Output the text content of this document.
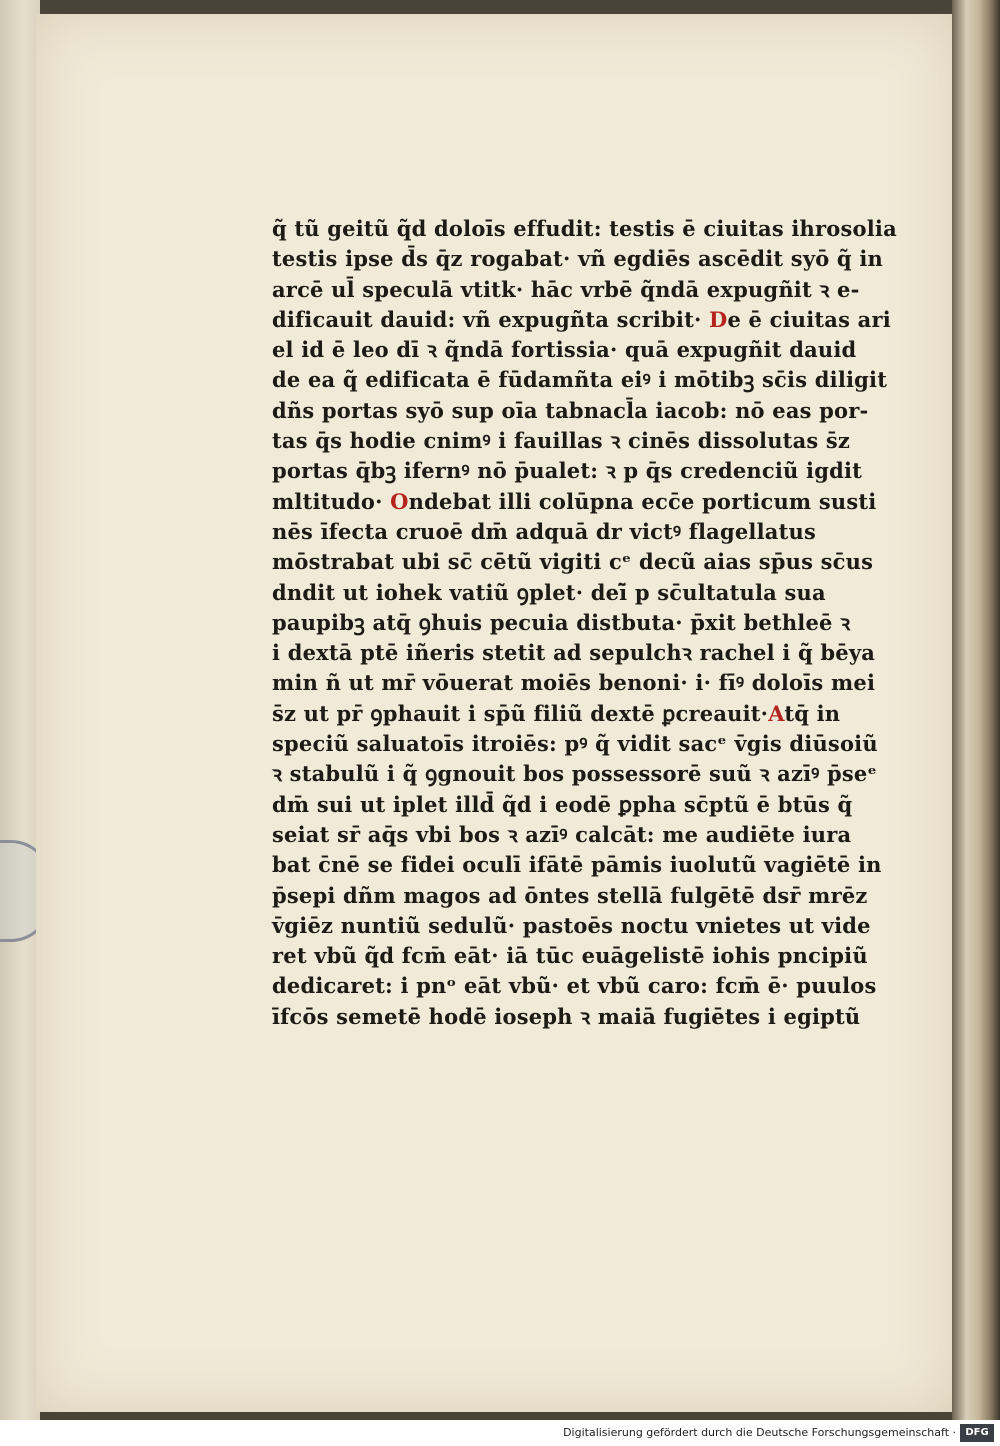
q̃ tũ geitũ q̃d doloīs effudit: testis ē ciuitas ihrosolia
testis ipse d̄s q̄z rogabat· vñ egdiēs ascēdit syō q̃ in
arcē ul̄ speculā vtitk· hāc vrbē q̃ndā expugñit ꝛ e-
dificauit dauid: vñ expugñta scribit· De ē ciuitas ari
el id ē leo dī ꝛ q̃ndā fortissia· quā expugñit dauid
de ea q̃ edificata ē fūdamñta eiꝰ i mōtibꝫ sc̄is diligit
dñs portas syō sup oīa tabnacl̄a iacob: nō eas por-
tas q̄s hodie cnimꝰ i fauillas ꝛ cinēs dissolutas s̄z
portas q̄bꝫ ifernꝰ nō p̄ualet: ꝛ p q̄s credenciũ igdit
mltitudo· Ondebat illi colūpna ecc̄e porticum susti
nēs īfecta cruoē dm̄ adquā dr victꝰ flagellatus
mōstrabat ubi sc̄ cētũ vigiti cᵉ decũ aias sp̄us sc̄us
dndit ut iohek vatiũ ꝯplet· deī̃ p sc̄ultatula sua
paupibꝫ atq̄ ꝯhuis pecuia distbuta· p̄xit bethleē ꝛ
i dextā ptē iñeris stetit ad sepulchꝛ rachel i q̃ bēya
min ñ ut mr̄ vōuerat moiēs benoni· i· fīꝰ doloīs mei
s̄z ut pr̄ ꝯphauit i sp̄ũ filiũ dextē ꝑcreauit·Atq̄ in
speciũ saluatoīs itroiēs: pꝰ q̃ vidit sacᵉ v̄gis diūsoiũ
ꝛ stabulũ i q̃ ꝯgnouit bos possessorē suũ ꝛ azīꝰ p̄seᵉ
dm̄ sui ut iplet illd̄ q̃d i eodē ꝑpha sc̄ptũ ē btūs q̃
seiat sr̄ aq̄s vbi bos ꝛ azīꝰ calcāt: me audiēte iura
bat c̄nē se fidei oculī ifātē pāmis iuolutũ vagiētē in
p̄sepi dñm magos ad ōntes stellā fulgētē dsr̄ mrēz
v̄giēz nuntiũ sedulũ· pastoēs noctu vnietes ut vide
ret vbũ q̃d fcm̄ eāt· iā tūc euāgelistē iohis pncipiũ
dedicaret: i pnᵒ eāt vbũ· et vbũ caro: fcm̄ ē· puulos
īfcōs semetē hodē ioseph ꝛ maiā fugiētes i egiptũ
Digitalisierung gefördert durch die Deutsche Forschungsgemeinschaft · DFG
